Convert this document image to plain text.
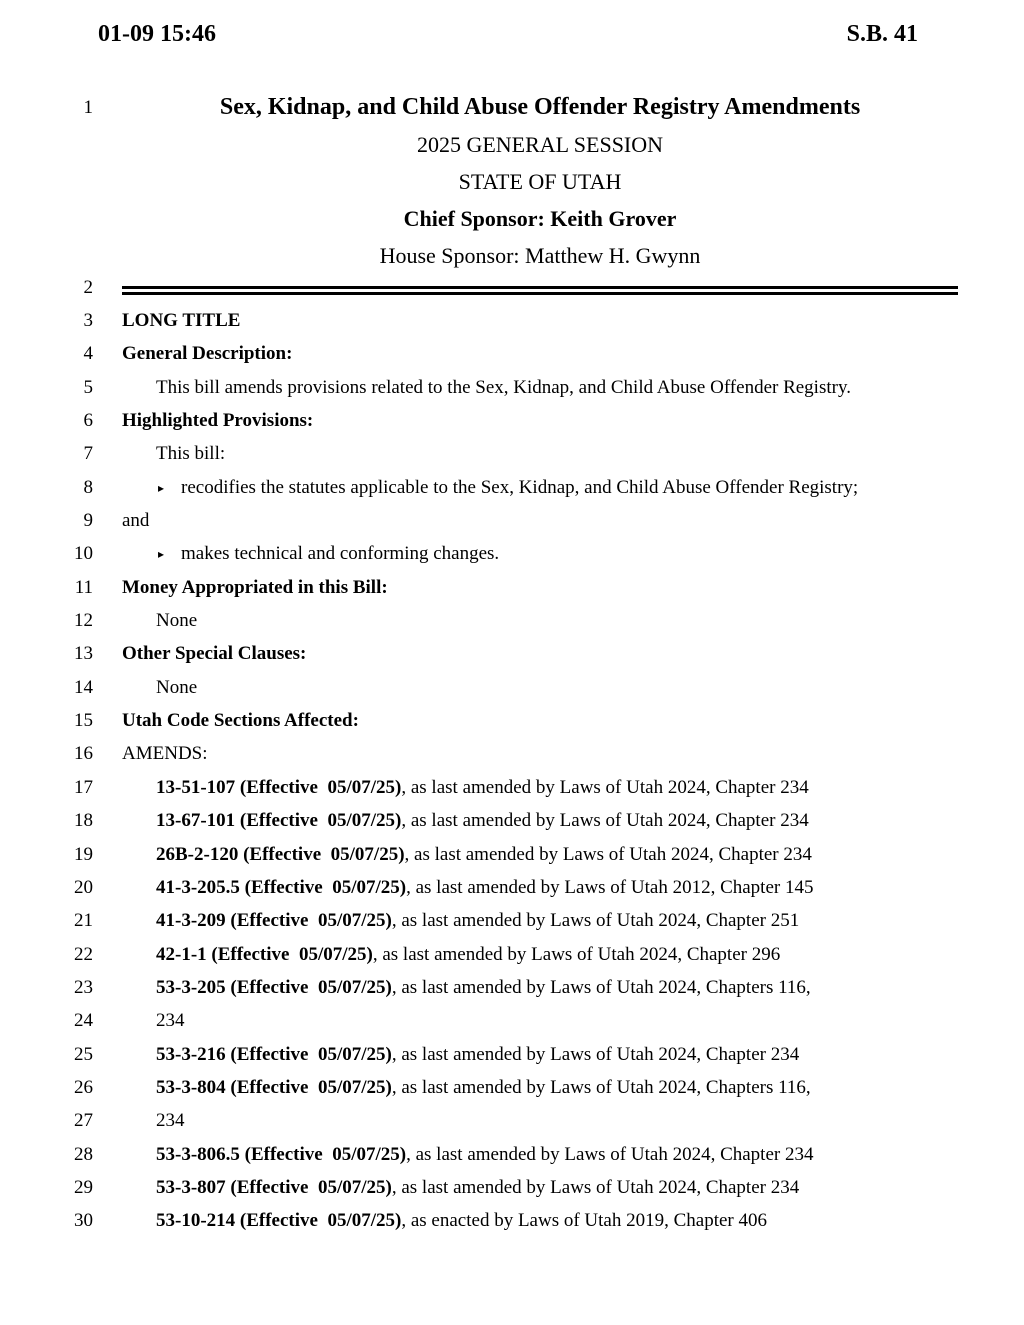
01-09 15:46	S.B. 41
1	Sex, Kidnap, and Child Abuse Offender Registry Amendments
2025 GENERAL SESSION
STATE OF UTAH
Chief Sponsor: Keith Grover
House Sponsor: Matthew H. Gwynn
2
3 LONG TITLE
4 General Description:
5	This bill amends provisions related to the Sex, Kidnap, and Child Abuse Offender Registry.
6 Highlighted Provisions:
7	This bill:
8	▸ recodifies the statutes applicable to the Sex, Kidnap, and Child Abuse Offender Registry;
9 and
10	▸ makes technical and conforming changes.
11 Money Appropriated in this Bill:
12	None
13 Other Special Clauses:
14	None
15 Utah Code Sections Affected:
16 AMENDS:
17	13-51-107 (Effective  05/07/25), as last amended by Laws of Utah 2024, Chapter 234
18	13-67-101 (Effective  05/07/25), as last amended by Laws of Utah 2024, Chapter 234
19	26B-2-120 (Effective  05/07/25), as last amended by Laws of Utah 2024, Chapter 234
20	41-3-205.5 (Effective  05/07/25), as last amended by Laws of Utah 2012, Chapter 145
21	41-3-209 (Effective  05/07/25), as last amended by Laws of Utah 2024, Chapter 251
22	42-1-1 (Effective  05/07/25), as last amended by Laws of Utah 2024, Chapter 296
23	53-3-205 (Effective  05/07/25), as last amended by Laws of Utah 2024, Chapters 116,
24	234
25	53-3-216 (Effective  05/07/25), as last amended by Laws of Utah 2024, Chapter 234
26	53-3-804 (Effective  05/07/25), as last amended by Laws of Utah 2024, Chapters 116,
27	234
28	53-3-806.5 (Effective  05/07/25), as last amended by Laws of Utah 2024, Chapter 234
29	53-3-807 (Effective  05/07/25), as last amended by Laws of Utah 2024, Chapter 234
30	53-10-214 (Effective  05/07/25), as enacted by Laws of Utah 2019, Chapter 406
